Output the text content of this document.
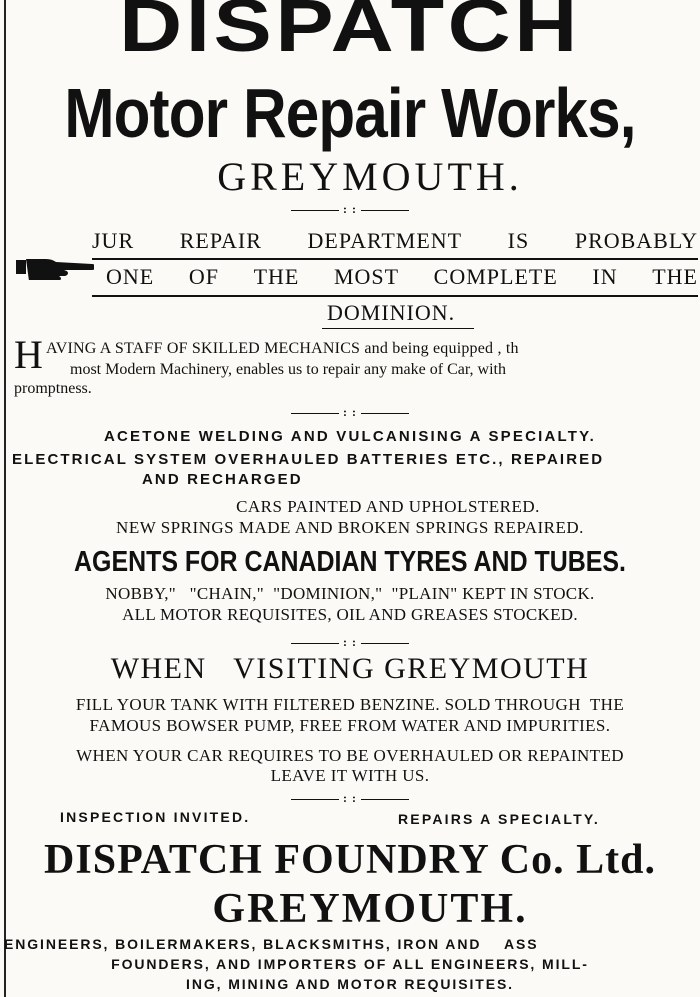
DISPATCH
Motor Repair Works,
GREYMOUTH.
: :
JUR REPAIR DEPARTMENT IS PROBABLY
ONE OF THE MOST COMPLETE IN THE
DOMINION.
H AVING A STAFF OF SKILLED MECHANICS and being equipped , th
most Modern Machinery, enables us to repair any make of Car, with
promptness.
: :
ACETONE WELDING AND VULCANISING A SPECIALTY.
ELECTRICAL SYSTEM OVERHAULED BATTERIES ETC., REPAIRED
AND RECHARGED
CARS PAINTED AND UPHOLSTERED.
NEW SPRINGS MADE AND BROKEN SPRINGS REPAIRED.
AGENTS FOR CANADIAN TYRES AND TUBES.
NOBBY,"   "CHAIN,"  "DOMINION,"  "PLAIN" KEPT IN STOCK.
ALL MOTOR REQUISITES, OIL AND GREASES STOCKED.
: :
WHEN   VISITING GREYMOUTH
FILL YOUR TANK WITH FILTERED BENZINE. SOLD THROUGH  THE
FAMOUS BOWSER PUMP, FREE FROM WATER AND IMPURITIES.
WHEN YOUR CAR REQUIRES TO BE OVERHAULED OR REPAINTED
LEAVE IT WITH US.
: :
INSPECTION INVITED.	REPAIRS A SPECIALTY.
DISPATCH FOUNDRY Co. Ltd.
GREYMOUTH.
ENGINEERS, BOILERMAKERS, BLACKSMITHS, IRON AND    ASS
FOUNDERS, AND IMPORTERS OF ALL ENGINEERS, MILL-
ING, MINING AND MOTOR REQUISITES.
